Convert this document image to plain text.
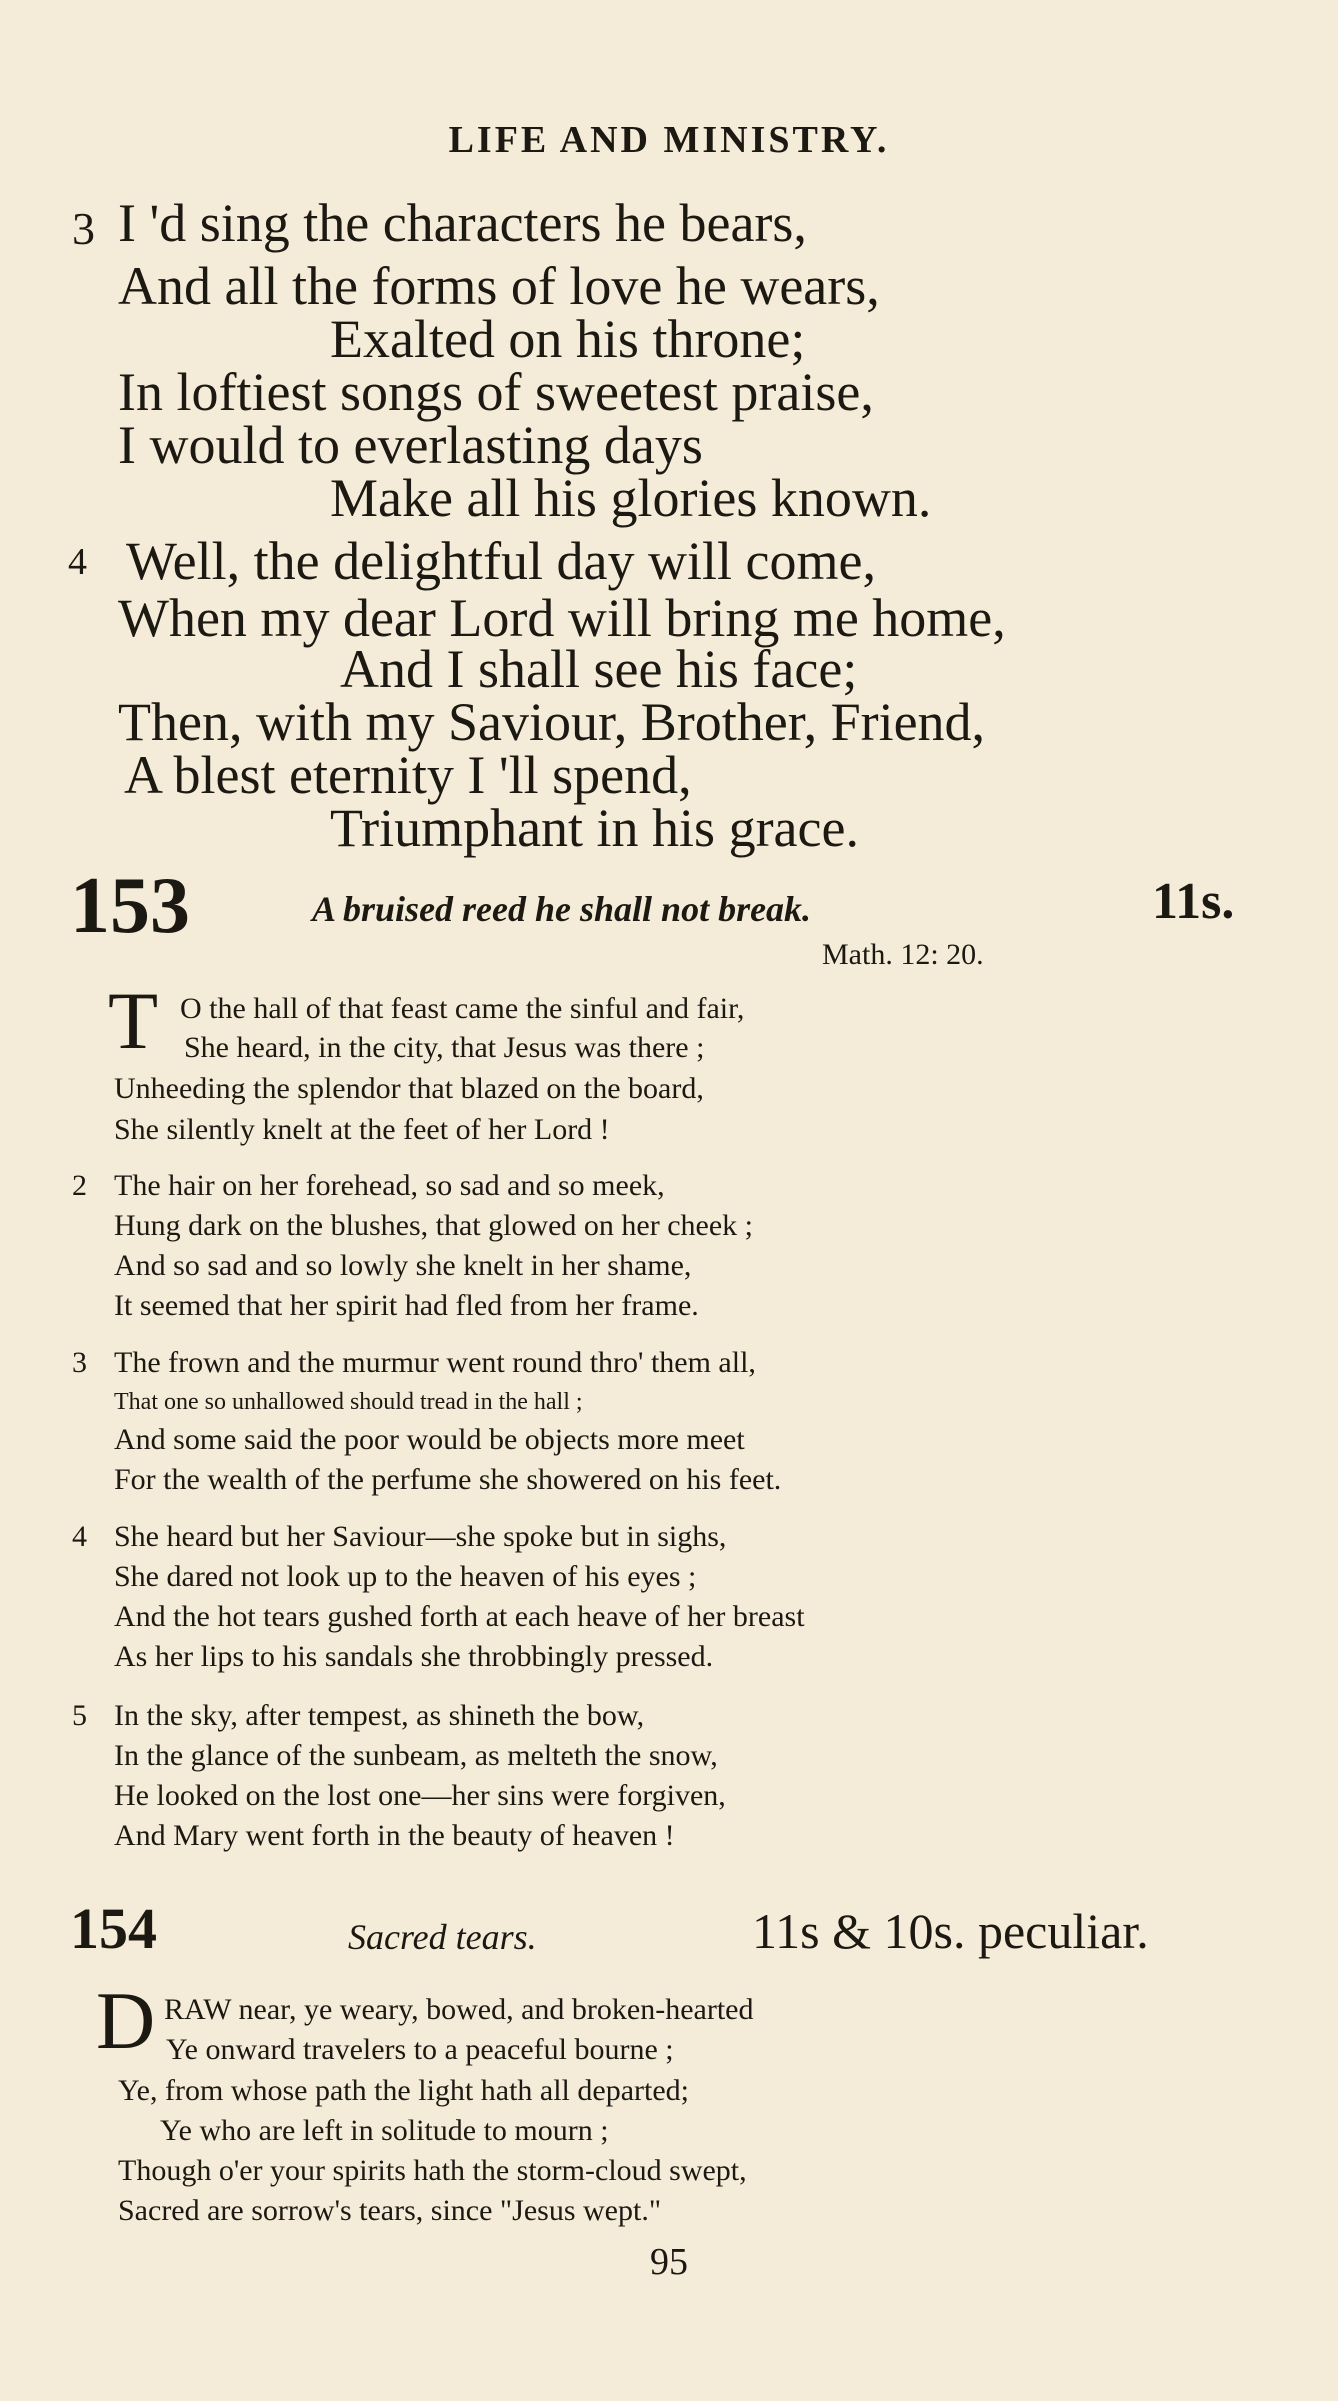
LIFE AND MINISTRY.
3 I 'd sing the characters he bears,
And all the forms of love he wears,
Exalted on his throne;
In loftiest songs of sweetest praise,
I would to everlasting days
Make all his glories known.
4 Well, the delightful day will come,
When my dear Lord will bring me home,
And I shall see his face;
Then, with my Saviour, Brother, Friend,
A blest eternity I 'll spend,
Triumphant in his grace.
153	A bruised reed he shall not break.	11s.
Math. 12: 20.
T O the hall of that feast came the sinful and fair,
She heard, in the city, that Jesus was there ;
Unheeding the splendor that blazed on the board,
She silently knelt at the feet of her Lord !
2 The hair on her forehead, so sad and so meek,
Hung dark on the blushes, that glowed on her cheek ;
And so sad and so lowly she knelt in her shame,
It seemed that her spirit had fled from her frame.
3 The frown and the murmur went round thro' them all,
That one so unhallowed should tread in the hall ;
And some said the poor would be objects more meet
For the wealth of the perfume she showered on his feet.
4 She heard but her Saviour—she spoke but in sighs,
She dared not look up to the heaven of his eyes ;
And the hot tears gushed forth at each heave of her breast
As her lips to his sandals she throbbingly pressed.
5 In the sky, after tempest, as shineth the bow,
In the glance of the sunbeam, as melteth the snow,
He looked on the lost one—her sins were forgiven,
And Mary went forth in the beauty of heaven !
154	Sacred tears.	11s & 10s. peculiar.
D RAW near, ye weary, bowed, and broken-hearted
Ye onward travelers to a peaceful bourne ;
Ye, from whose path the light hath all departed;
Ye who are left in solitude to mourn ;
Though o'er your spirits hath the storm-cloud swept,
Sacred are sorrow's tears, since "Jesus wept."
95
